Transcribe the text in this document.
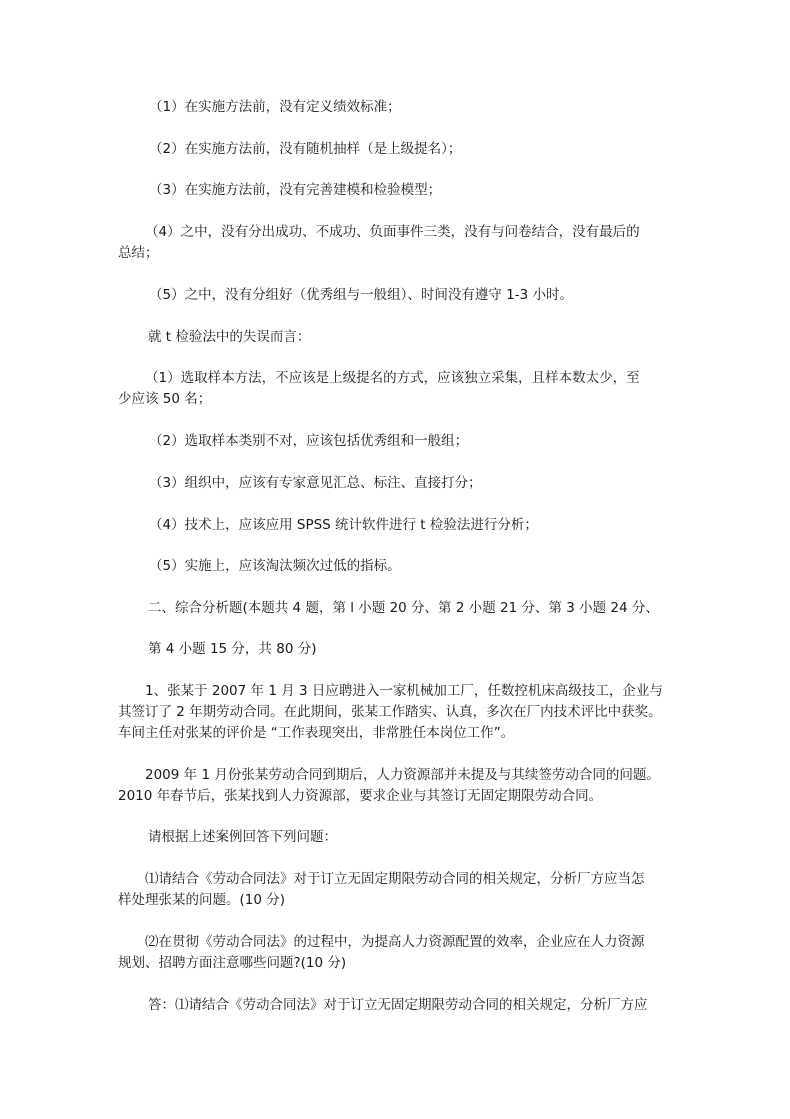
（1）在实施方法前，没有定义绩效标准；
（2）在实施方法前，没有随机抽样（是上级提名）；
（3）在实施方法前，没有完善建模和检验模型；
（4）之中，没有分出成功、不成功、负面事件三类，没有与问卷结合，没有最后的
总结；
（5）之中，没有分组好（优秀组与一般组）、时间没有遵守 1-3 小时。
就 t 检验法中的失误而言：
（1）选取样本方法，不应该是上级提名的方式，应该独立采集，且样本数太少，至
少应该 50 名；
（2）选取样本类别不对，应该包括优秀组和一般组；
（3）组织中，应该有专家意见汇总、标注、直接打分；
（4）技术上，应该应用 SPSS 统计软件进行 t 检验法进行分析；
（5）实施上，应该淘汰频次过低的指标。
二、综合分析题(本题共 4 题，第 l 小题 20 分、第 2 小题 21 分、第 3 小题 24 分、
第 4 小题 15 分，共 80 分)
1、张某于 2007 年 1 月 3 日应聘进入一家机械加工厂，任数控机床高级技工，企业与
其签订了 2 年期劳动合同。在此期间，张某工作踏实、认真，多次在厂内技术评比中获奖。
车间主任对张某的评价是 “工作表现突出，非常胜任本岗位工作”。
2009 年 1 月份张某劳动合同到期后，人力资源部并未提及与其续签劳动合同的问题。
2010 年春节后，张某找到人力资源部，要求企业与其签订无固定期限劳动合同。
请根据上述案例回答下列问题：
⑴请结合《劳动合同法》对于订立无固定期限劳动合同的相关规定，分析厂方应当怎
样处理张某的问题。(10 分)
⑵在贯彻《劳动合同法》的过程中，为提高人力资源配置的效率，企业应在人力资源
规划、招聘方面注意哪些问题?(10 分)
答：⑴请结合《劳动合同法》对于订立无固定期限劳动合同的相关规定，分析厂方应
